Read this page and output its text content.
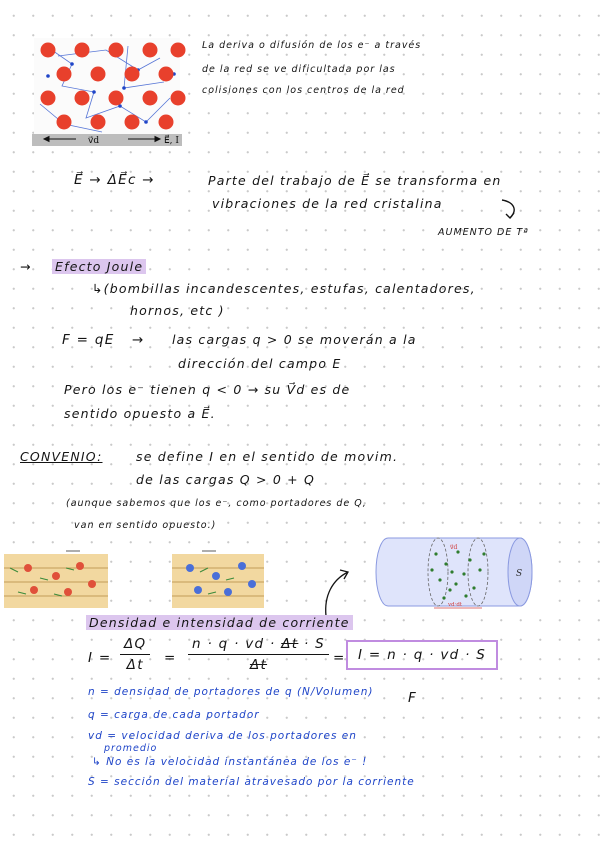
v⃗d	E⃗, I
La deriva o difusión de los e⁻ a través
de la red se ve dificultada por las
colisiones con los centros de la red
E⃗ → ΔE⃗c →	Parte del trabajo de E⃗ se transforma en
vibraciones de la red cristalina
AUMENTO DE Tª
→ Efecto Joule
↳(bombillas incandescentes, estufas, calentadores,
hornos, etc )
F = qE → las cargas q > 0 se moverán a la
dirección del campo E
Pero los e⁻ tienen q < 0 → su V⃗d es de
sentido opuesto a E⃗.
CONVENIO:	se define I en el sentido de movim.
de las cargas Q > 0 + Q
(aunque sabemos que los e⁻, como portadores de Q,
van en sentido opuesto.)
v⃗d
S
vd·dt
Densidad e intensidad de corriente
$I = \frac{\Delta Q}{\Delta t} = \frac{n \cdot q \cdot vd \cdot \Delta t \cdot S}{\Delta t} = I = n \cdot q$ · vd · S
F
n = densidad de portadores de q (N/Volumen)
q = carga de cada portador
vd = velocidad deriva de los portadores en
promedio
↳ No es la velocidad instantánea de los e⁻ !
S = sección del material atravesado por la corriente
